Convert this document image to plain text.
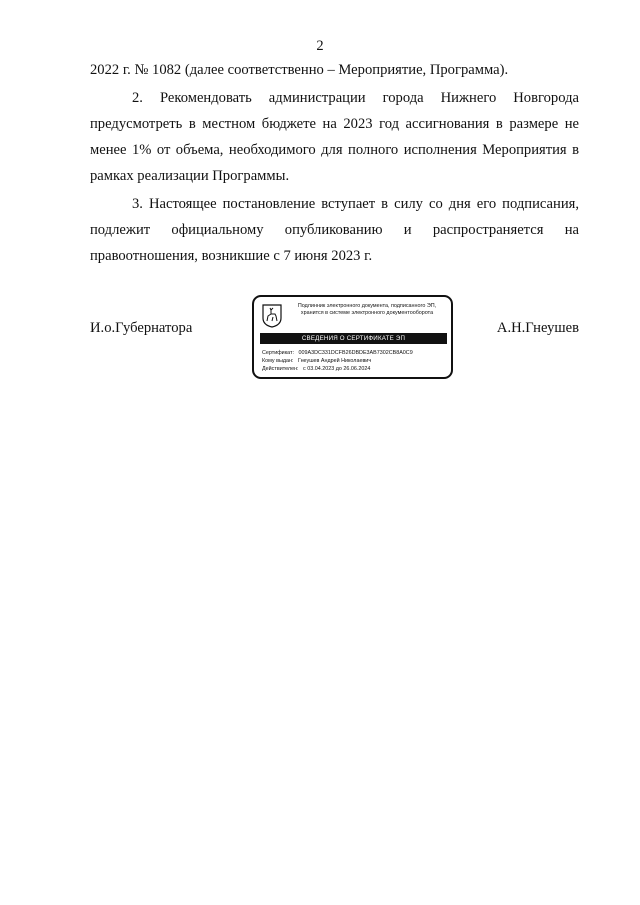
2

2022 г. № 1082 (далее соответственно – Мероприятие, Программа).

2. Рекомендовать администрации города Нижнего Новгорода предусмотреть в местном бюджете на 2023 год ассигнования в размере не менее 1% от объема, необходимого для полного исполнения Мероприятия в рамках реализации Программы.

3. Настоящее постановление вступает в силу со дня его подписания, подлежит официальному опубликованию и распространяется на правоотношения, возникшие с 7 июня 2023 г.

И.о.Губернатора
Подлинник электронного документа, подписанного ЭП,
хранится в системе электронного документооборота
СВЕДЕНИЯ О СЕРТИФИКАТЕ ЭП
Сертификат: 009A3DC331DCFB26DBDE3AB7302CB8A0C9
Кому выдан: Гнеушев Андрей Николаевич
Действителен: с 03.04.2023 до 26.06.2024
А.Н.Гнеушев
